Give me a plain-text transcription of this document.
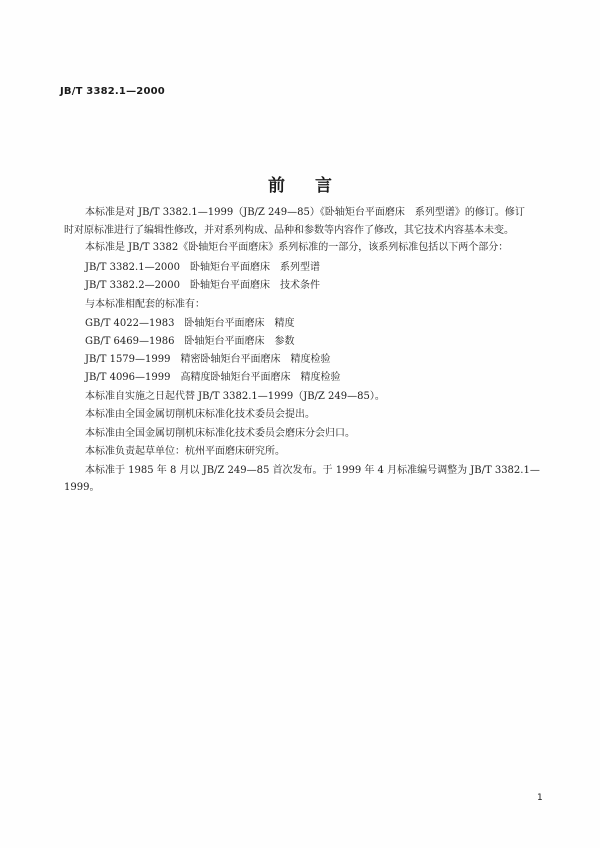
JB/T 3382.1—2000
前言
本标准是对 JB/T 3382.1—1999（JB/Z 249—85）《卧轴矩台平面磨床　系列型谱》的修订。修订
时对原标准进行了编辑性修改，并对系列构成、品种和参数等内容作了修改，其它技术内容基本未变。
本标准是 JB/T 3382《卧轴矩台平面磨床》系列标准的一部分，该系列标准包括以下两个部分：
JB/T 3382.1—2000　卧轴矩台平面磨床　系列型谱
JB/T 3382.2—2000　卧轴矩台平面磨床　技术条件
与本标准相配套的标准有：
GB/T 4022—1983　卧轴矩台平面磨床　精度
GB/T 6469—1986　卧轴矩台平面磨床　参数
JB/T 1579—1999　精密卧轴矩台平面磨床　精度检验
JB/T 4096—1999　高精度卧轴矩台平面磨床　精度检验
本标准自实施之日起代替 JB/T 3382.1—1999（JB/Z 249—85）。
本标准由全国金属切削机床标准化技术委员会提出。
本标准由全国金属切削机床标准化技术委员会磨床分会归口。
本标准负责起草单位：杭州平面磨床研究所。
本标准于 1985 年 8 月以 JB/Z 249—85 首次发布。于 1999 年 4 月标准编号调整为 JB/T 3382.1—
1999。
1
